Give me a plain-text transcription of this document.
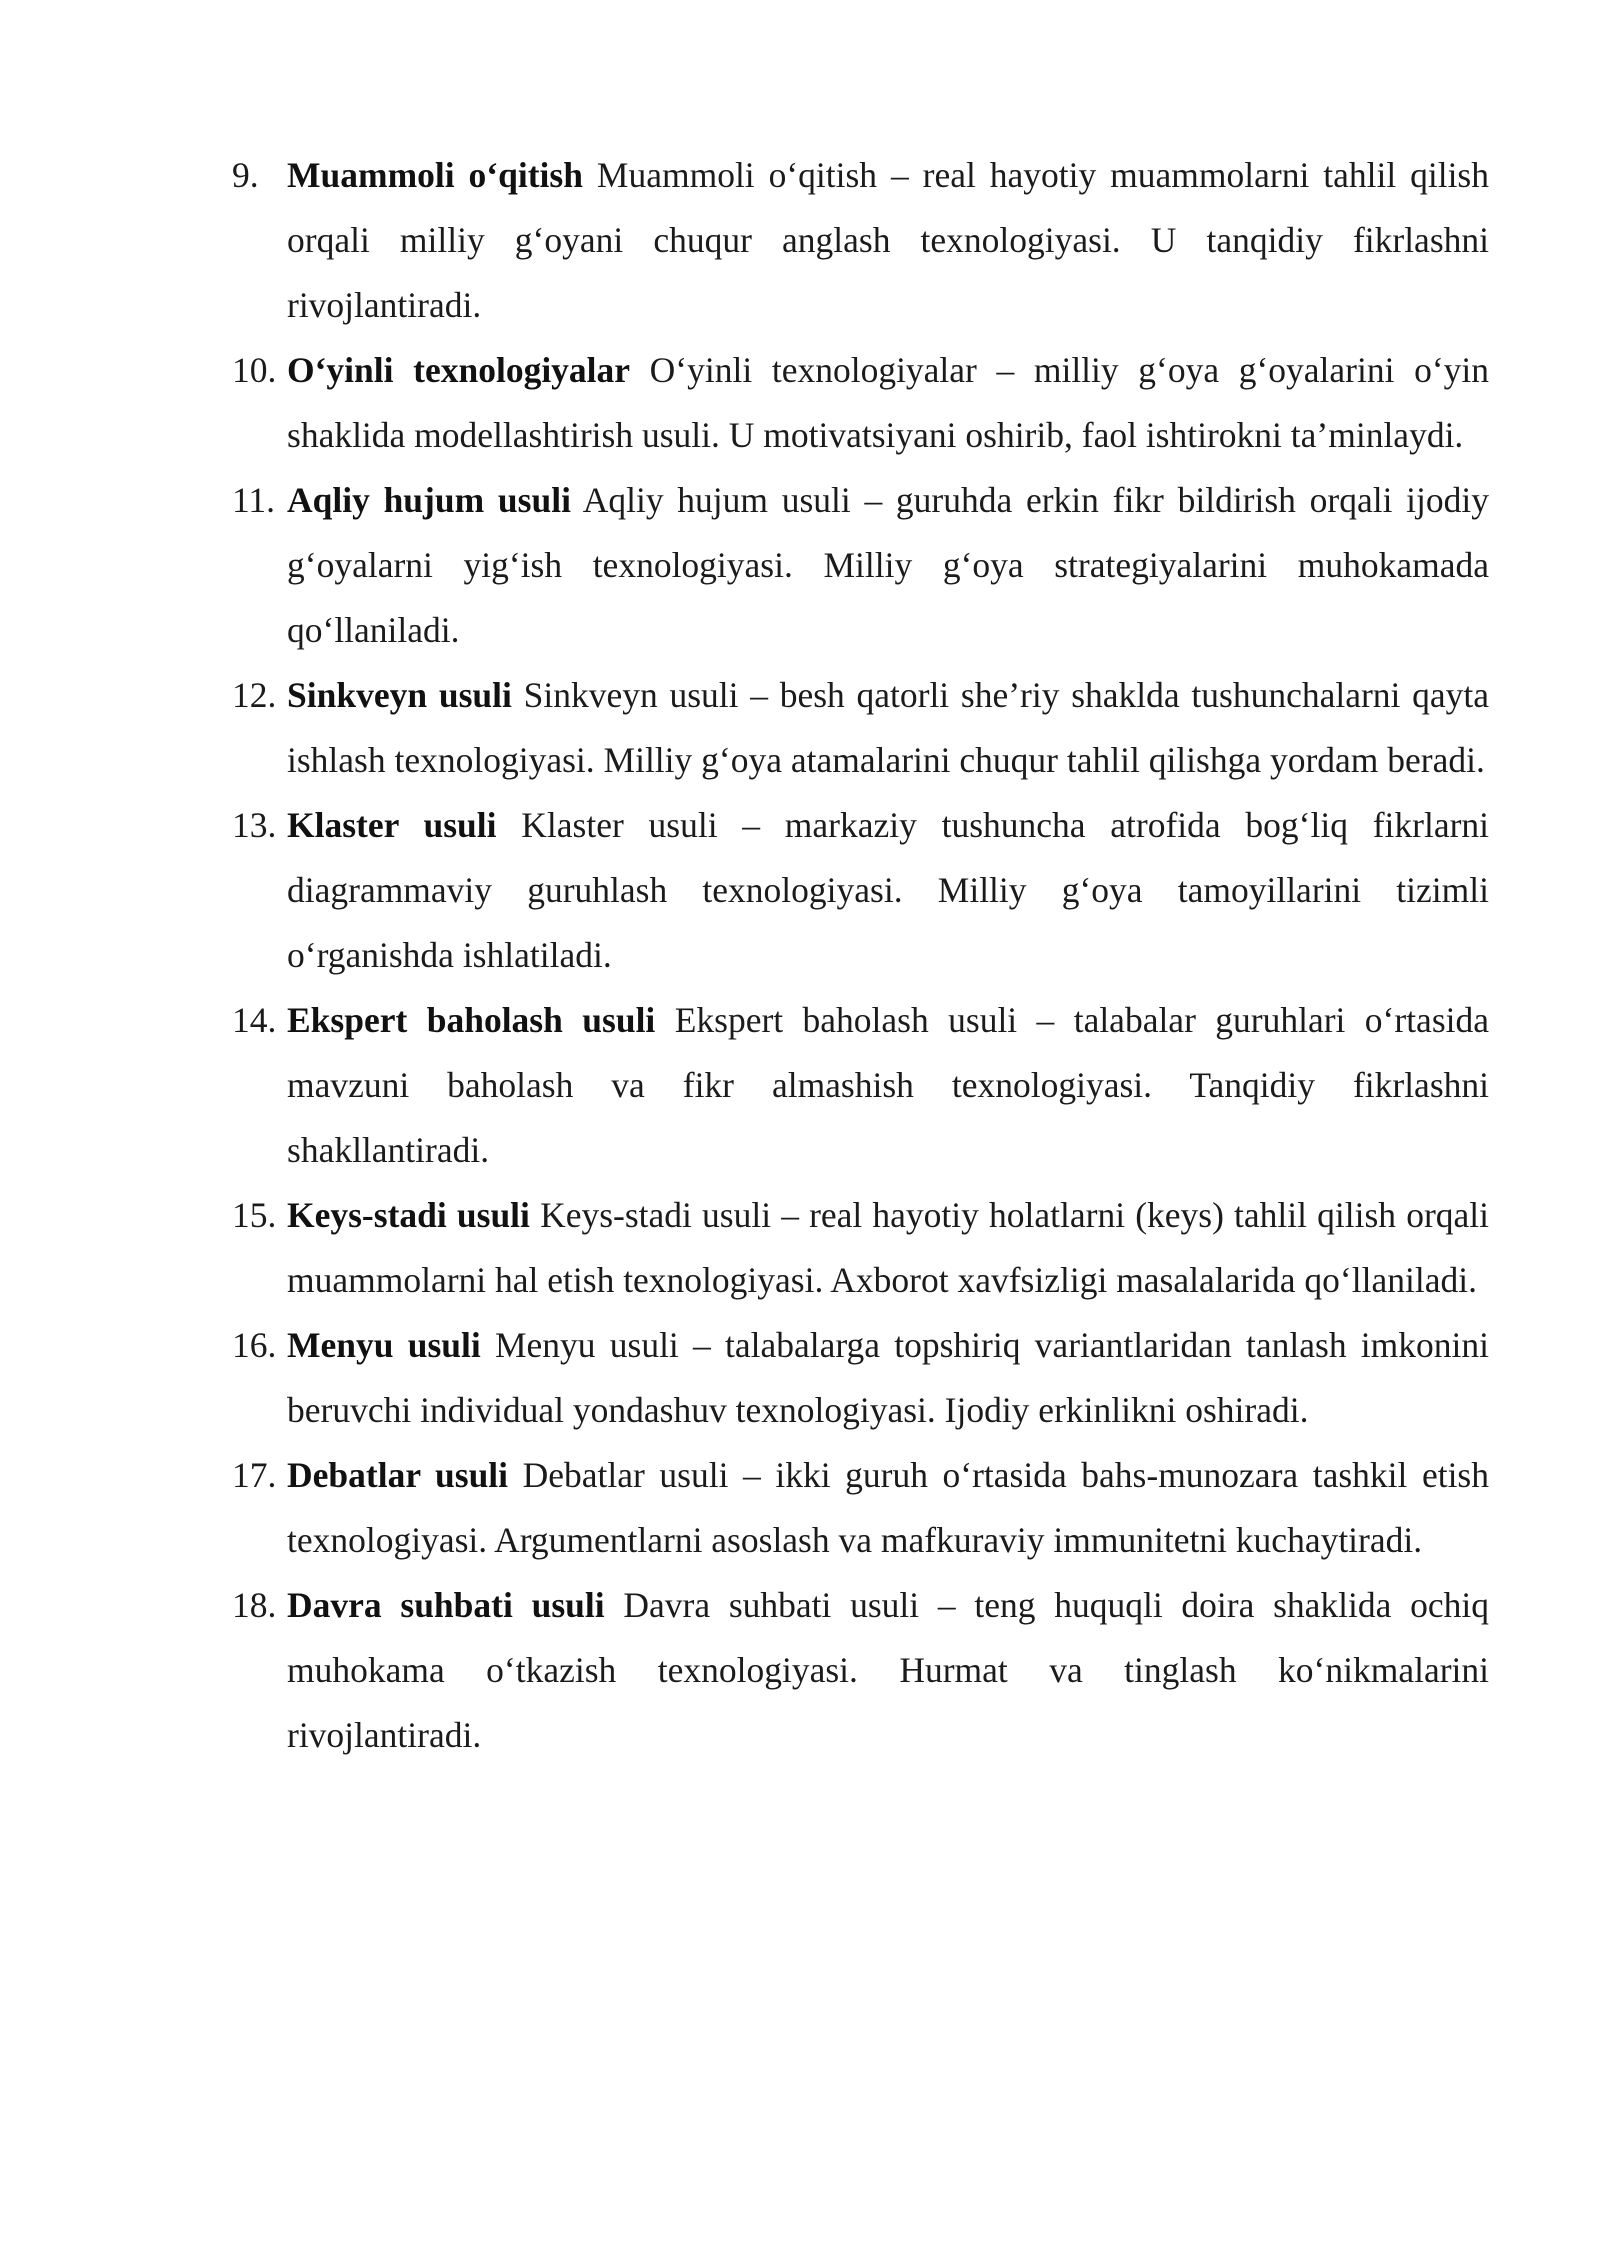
9. Muammoli o‘qitish Muammoli o‘qitish – real hayotiy muammolarni tahlil qilish orqali milliy g‘oyani chuqur anglash texnologiyasi. U tanqidiy fikrlashni rivojlantiradi.
10. O‘yinli texnologiyalar O‘yinli texnologiyalar – milliy g‘oya g‘oyalarini o‘yin shaklida modellashtirish usuli. U motivatsiyani oshirib, faol ishtirokni ta’minlaydi.
11. Aqliy hujum usuli Aqliy hujum usuli – guruhda erkin fikr bildirish orqali ijodiy g‘oyalarni yig‘ish texnologiyasi. Milliy g‘oya strategiyalarini muhokamada qo‘llaniladi.
12. Sinkveyn usuli Sinkveyn usuli – besh qatorli she’riy shaklda tushunchalarni qayta ishlash texnologiyasi. Milliy g‘oya atamalarini chuqur tahlil qilishga yordam beradi.
13. Klaster usuli Klaster usuli – markaziy tushuncha atrofida bog‘liq fikrlarni diagrammaviy guruhlash texnologiyasi. Milliy g‘oya tamoyillarini tizimli o‘rganishda ishlatiladi.
14. Ekspert baholash usuli Ekspert baholash usuli – talabalar guruhlari o‘rtasida mavzuni baholash va fikr almashish texnologiyasi. Tanqidiy fikrlashni shakllantiradi.
15. Keys-stadi usuli Keys-stadi usuli – real hayotiy holatlarni (keys) tahlil qilish orqali muammolarni hal etish texnologiyasi. Axborot xavfsizligi masalalarida qo‘llaniladi.
16. Menyu usuli Menyu usuli – talabalarga topshiriq variantlaridan tanlash imkonini beruvchi individual yondashuv texnologiyasi. Ijodiy erkinlikni oshiradi.
17. Debatlar usuli Debatlar usuli – ikki guruh o‘rtasida bahs-munozara tashkil etish texnologiyasi. Argumentlarni asoslash va mafkuraviy immunitetni kuchaytiradi.
18. Davra suhbati usuli Davra suhbati usuli – teng huquqli doira shaklida ochiq muhokama o‘tkazish texnologiyasi. Hurmat va tinglash ko‘nikmalarini rivojlantiradi.
